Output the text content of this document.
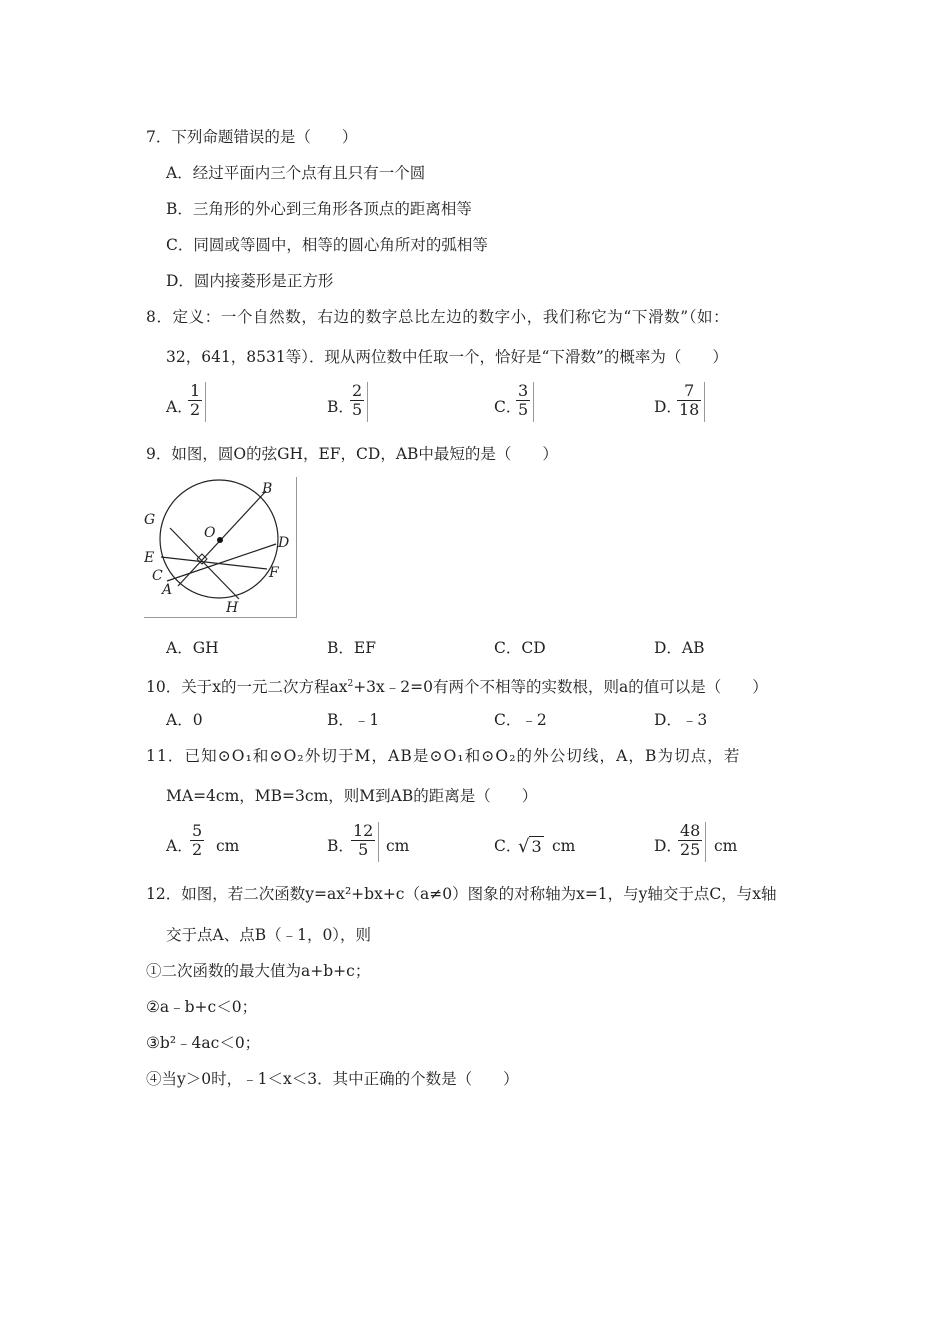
7．下列命题错误的是（　　）
A．经过平面内三个点有且只有一个圆
B．三角形的外心到三角形各顶点的距离相等
C．同圆或等圆中，相等的圆心角所对的弧相等
D．圆内接菱形是正方形
8．定义：一个自然数，右边的数字总比左边的数字小，我们称它为“下滑数”（如：
32，641，8531等）．现从两位数中任取一个，恰好是“下滑数”的概率为（　　）
A．
$\frac{1}{2}$	B．
$\frac{2}{5}$	C．
$\frac{3}{5}$	D．
$\frac{7}{18}$
9．如图，圆O的弦GH，EF，CD，AB中最短的是（　　）
B
G
O
D
E
C	F
A
H
A．GH	B．EF	C．CD	D．AB
10．关于x的一元二次方程$ax^2+3x﹣2=0$有两个不相等的实数根，则a的值可以是（　　）
A．0	B．﹣1	C．﹣2	D．﹣3
11．已知⊙O₁和⊙O₂外切于M，AB是⊙O₁和⊙O₂的外公切线，A，B为切点，若
MA=4cm，MB=3cm，则M到AB的距离是（　　）
A．
$\frac{5}{2}$ cm	B．
$\frac{12}{5}$ cm	C．
√ 3 cm	D．
$\frac{48}{25}$ cm
12．如图，若二次函数y=ax²+bx+c（a≠0）图象的对称轴为x=1，与y轴交于点C，与x轴
交于点A、点B（﹣1，0），则
①二次函数的最大值为a+b+c；
②a﹣b+c＜0；
③b²﹣4ac＜0；
④当y＞0时，﹣1＜x＜3．其中正确的个数是（　　）
